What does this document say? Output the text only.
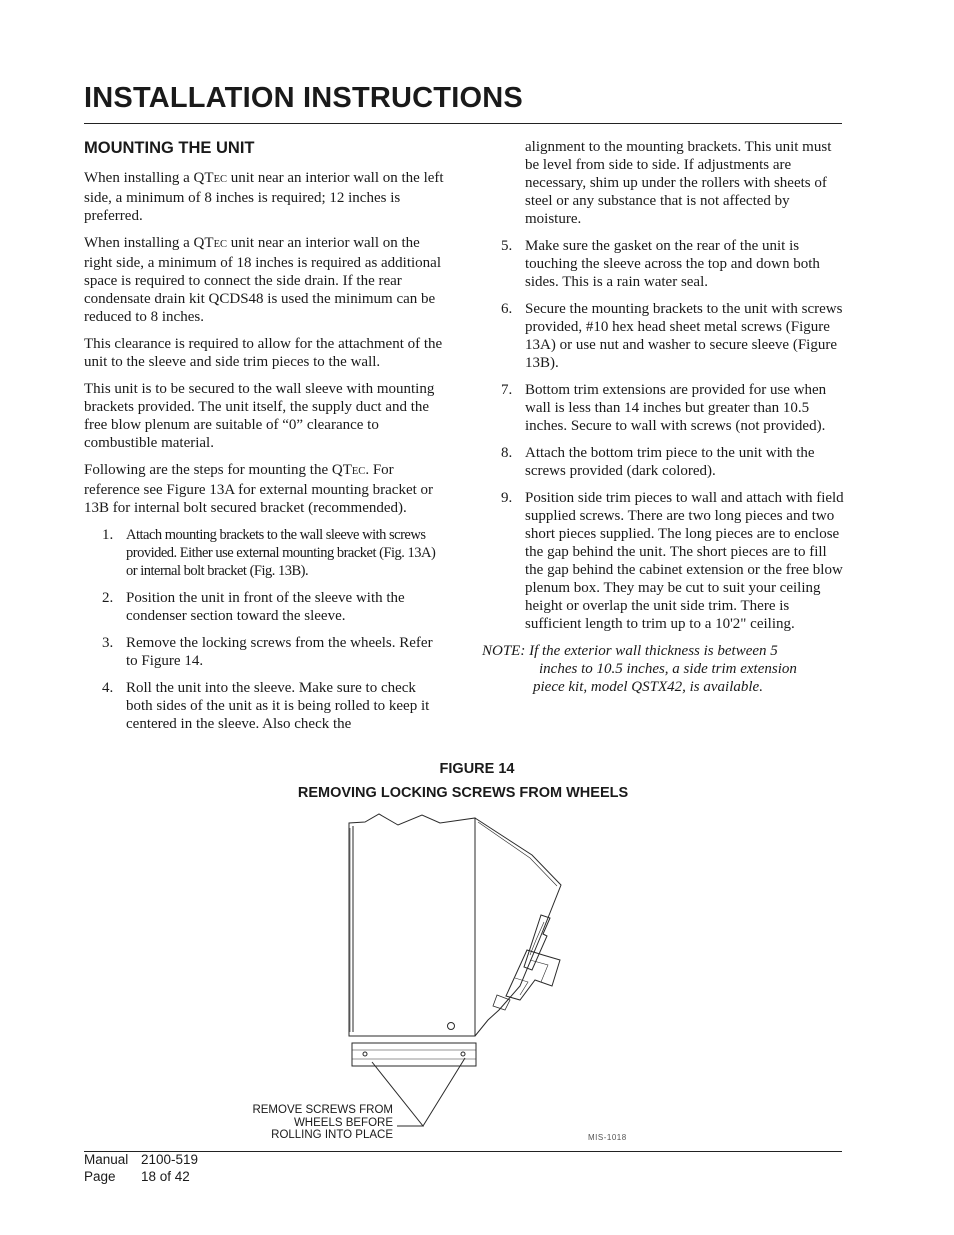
INSTALLATION INSTRUCTIONS
MOUNTING THE UNIT

When installing a QTEC unit near an interior wall on the left side, a minimum of 8 inches is required; 12 inches is preferred.

When installing a QTEC unit near an interior wall on the right side, a minimum of 18 inches is required as additional space is required to connect the side drain. If the rear condensate drain kit QCDS48 is used the minimum can be reduced to 8 inches.

This clearance is required to allow for the attachment of the unit to the sleeve and side trim pieces to the wall.

This unit is to be secured to the wall sleeve with mounting brackets provided. The unit itself, the supply duct and the free blow plenum are suitable of “0” clearance to combustible material.

Following are the steps for mounting the QTEC. For reference see Figure 13A for external mounting bracket or 13B for internal bolt secured bracket (recommended).

1. Attach mounting brackets to the wall sleeve with screws provided. Either use external mounting bracket (Fig. 13A) or internal bolt bracket (Fig. 13B).
2. Position the unit in front of the sleeve with the condenser section toward the sleeve.
3. Remove the locking screws from the wheels. Refer to Figure 14.
4. Roll the unit into the sleeve. Make sure to check both sides of the unit as it is being rolled to keep it centered in the sleeve. Also check the

alignment to the mounting brackets. This unit must be level from side to side. If adjustments are necessary, shim up under the rollers with sheets of steel or any substance that is not affected by moisture.

5. Make sure the gasket on the rear of the unit is touching the sleeve across the top and down both sides. This is a rain water seal.
6. Secure the mounting brackets to the unit with screws provided, #10 hex head sheet metal screws (Figure 13A) or use nut and washer to secure sleeve (Figure 13B).
7. Bottom trim extensions are provided for use when wall is less than 14 inches but greater than 10.5 inches. Secure to wall with screws (not provided).
8. Attach the bottom trim piece to the unit with the screws provided (dark colored).
9. Position side trim pieces to wall and attach with field supplied screws. There are two long pieces and two short pieces supplied. The long pieces are to enclose the gap behind the unit. The short pieces are to fill the gap behind the cabinet extension or the free blow plenum box. They may be cut to suit your ceiling height or overlap the unit side trim. There is sufficient length to trim up to a 10'2" ceiling.
NOTE: If the exterior wall thickness is between 5
inches to 10.5 inches, a side trim extension
piece kit, model QSTX42, is available.

FIGURE 14

REMOVING LOCKING SCREWS FROM WHEELS

REMOVE SCREWS FROM
WHEELS BEFORE
ROLLING INTO PLACE	MIS-1018
Manual 2100-519
Page 18 of 42
